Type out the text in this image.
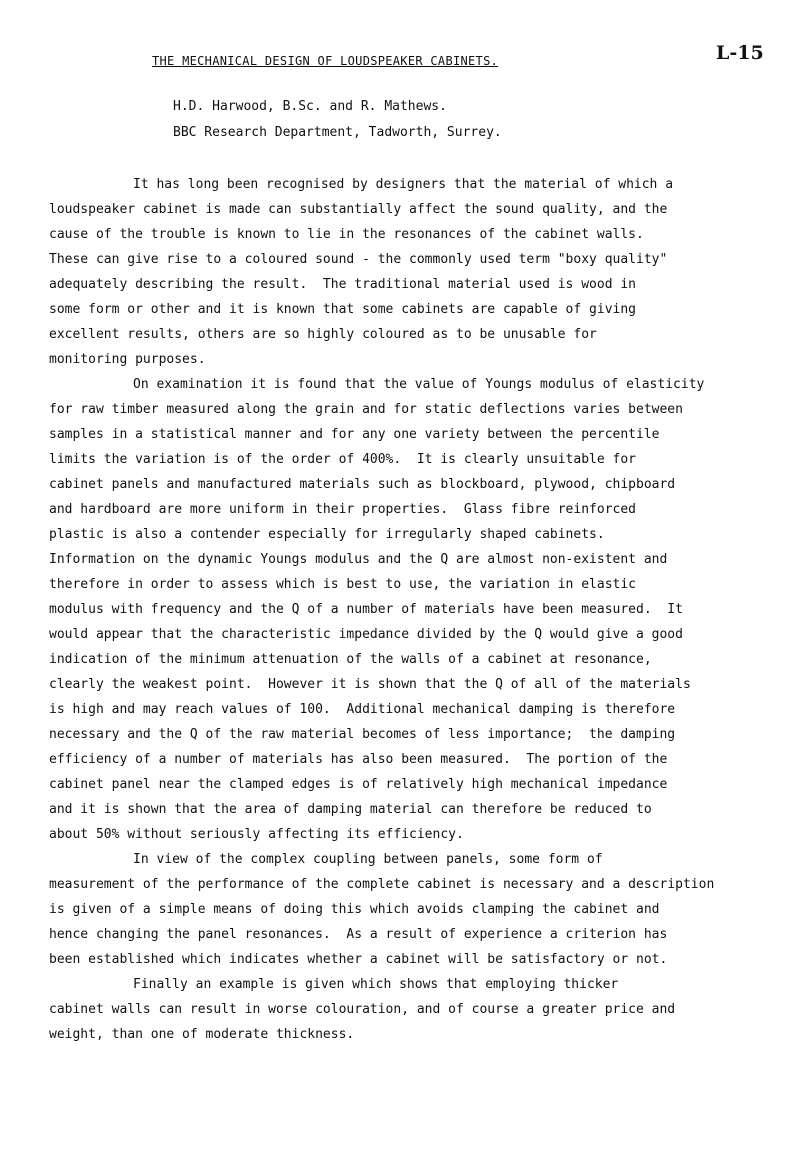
L-15
THE MECHANICAL DESIGN OF LOUDSPEAKER CABINETS.
H.D. Harwood, B.Sc. and R. Mathews.
BBC Research Department, Tadworth, Surrey.
It has long been recognised by designers that the material of which a
loudspeaker cabinet is made can substantially affect the sound quality, and the
cause of the trouble is known to lie in the resonances of the cabinet walls.
These can give rise to a coloured sound - the commonly used term "boxy quality"
adequately describing the result.  The traditional material used is wood in
some form or other and it is known that some cabinets are capable of giving
excellent results, others are so highly coloured as to be unusable for
monitoring purposes.
On examination it is found that the value of Youngs modulus of elasticity
for raw timber measured along the grain and for static deflections varies between
samples in a statistical manner and for any one variety between the percentile
limits the variation is of the order of 400%.  It is clearly unsuitable for
cabinet panels and manufactured materials such as blockboard, plywood, chipboard
and hardboard are more uniform in their properties.  Glass fibre reinforced
plastic is also a contender especially for irregularly shaped cabinets.
Information on the dynamic Youngs modulus and the Q are almost non-existent and
therefore in order to assess which is best to use, the variation in elastic
modulus with frequency and the Q of a number of materials have been measured.  It
would appear that the characteristic impedance divided by the Q would give a good
indication of the minimum attenuation of the walls of a cabinet at resonance,
clearly the weakest point.  However it is shown that the Q of all of the materials
is high and may reach values of 100.  Additional mechanical damping is therefore
necessary and the Q of the raw material becomes of less importance;  the damping
efficiency of a number of materials has also been measured.  The portion of the
cabinet panel near the clamped edges is of relatively high mechanical impedance
and it is shown that the area of damping material can therefore be reduced to
about 50% without seriously affecting its efficiency.
In view of the complex coupling between panels, some form of
measurement of the performance of the complete cabinet is necessary and a description
is given of a simple means of doing this which avoids clamping the cabinet and
hence changing the panel resonances.  As a result of experience a criterion has
been established which indicates whether a cabinet will be satisfactory or not.
Finally an example is given which shows that employing thicker
cabinet walls can result in worse colouration, and of course a greater price and
weight, than one of moderate thickness.
